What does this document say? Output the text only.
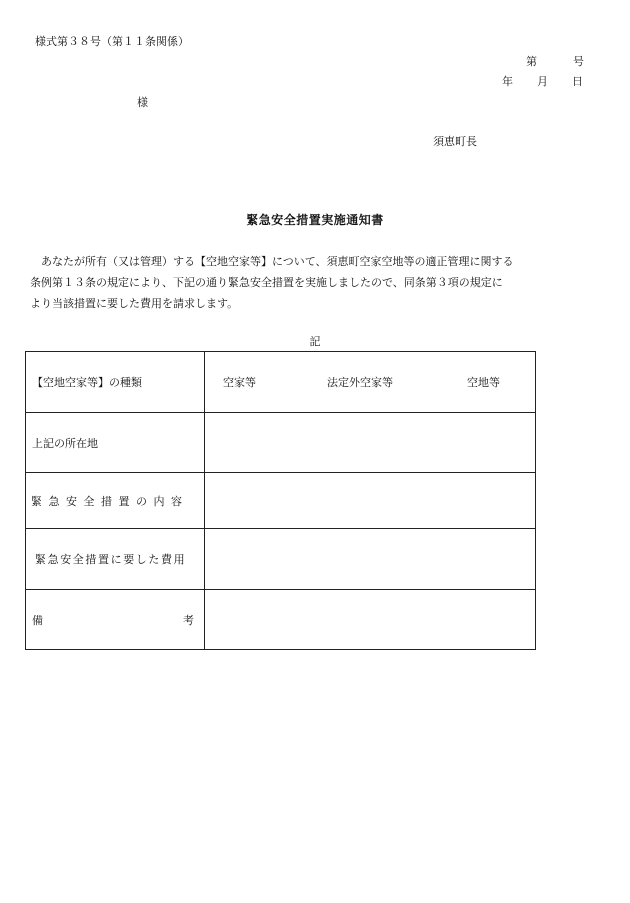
様式第３８号（第１１条関係）
第	号
年 月 日
様
須恵町長
緊急安全措置実施通知書
あなたが所有（又は管理）する【空地空家等】について、須恵町空家空地等の適正管理に関する
条例第１３条の規定により、下記の通り緊急安全措置を実施しましたので、同条第３項の規定に
より当該措置に要した費用を請求します。
記
【空地空家等】の種類	空家等 法定外空家等 空地等

上記の所在地	
緊急安全措置の内容	
緊急安全措置に要した費用	

備 考	
